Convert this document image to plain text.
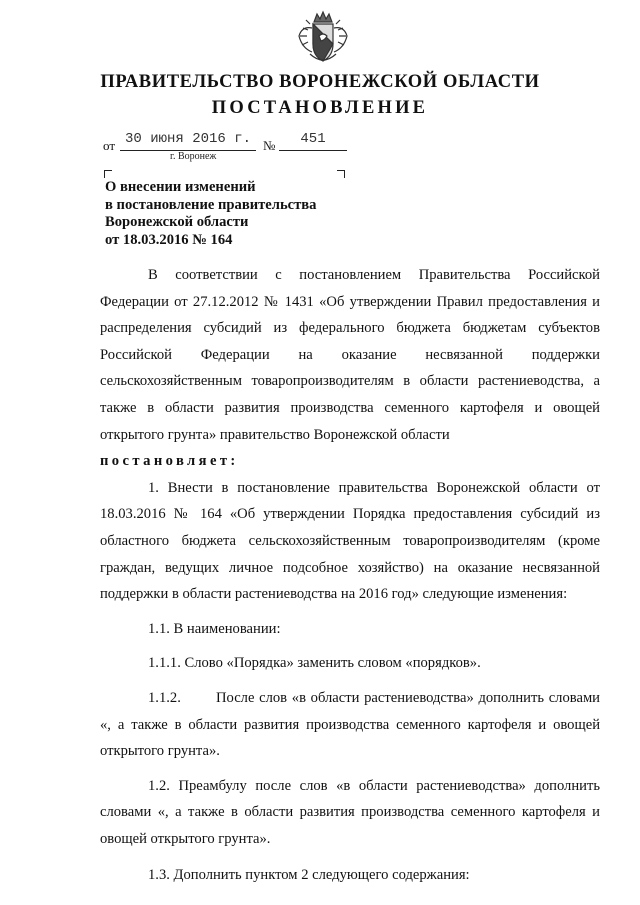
ПРАВИТЕЛЬСТВО ВОРОНЕЖСКОЙ ОБЛАСТИ
ПОСТАНОВЛЕНИЕ
от 30 июня 2016 г. №	451
г. Воронеж
О внесении изменений
в постановление правительства
Воронежской области
от 18.03.2016 № 164

В соответствии с постановлением Правительства Российской Федерации от 27.12.2012 № 1431 «Об утверждении Правил предоставления и распределения субсидий из федерального бюджета бюджетам субъектов Российской Федерации на оказание несвязанной поддержки сельскохозяйственным товаропроизводителям в области растениеводства, а также в области развития производства семенного картофеля и овощей открытого грунта» правительство Воронежской области

постановляет:

1. Внести в постановление правительства Воронежской области от 18.03.2016 № 164 «Об утверждении Порядка предоставления субсидий из областного бюджета сельскохозяйственным товаропроизводителям (кроме граждан, ведущих личное подсобное хозяйство) на оказание несвязанной поддержки в области растениеводства на 2016 год» следующие изменения:

1.1. В наименовании:

1.1.1. Слово «Порядка» заменить словом «порядков».

1.1.2. После слов «в области растениеводства» дополнить словами «, а также в области развития производства семенного картофеля и овощей открытого грунта».

1.2. Преамбулу после слов «в области растениеводства» дополнить словами «, а также в области развития производства семенного картофеля и овощей открытого грунта».

1.3. Дополнить пунктом 2 следующего содержания:
